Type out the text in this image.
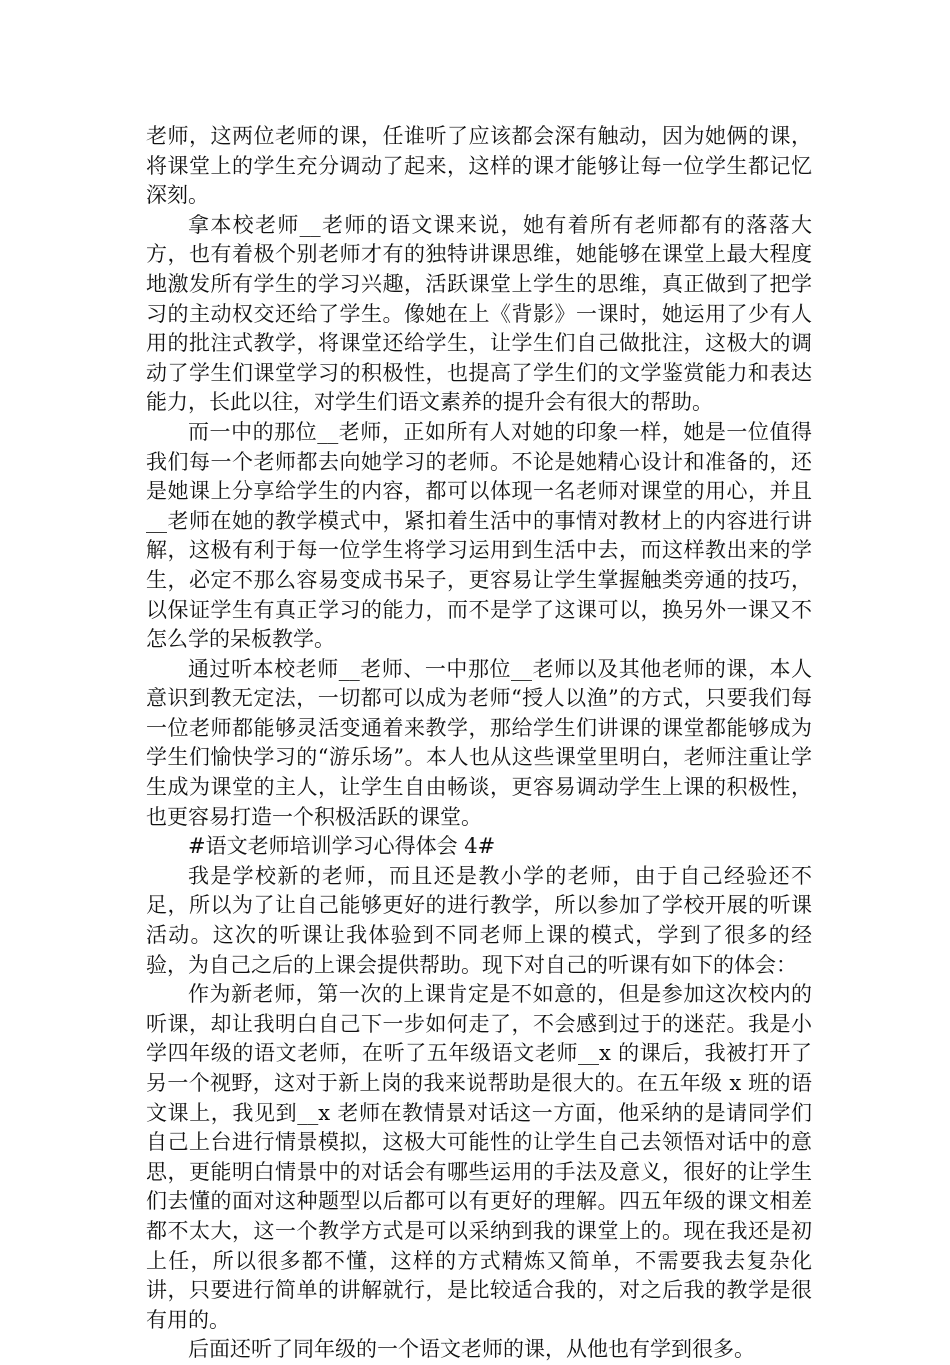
老师，这两位老师的课，任谁听了应该都会深有触动，因为她俩的课，将课堂上的学生充分调动了起来，这样的课才能够让每一位学生都记忆深刻。

拿本校老师__老师的语文课来说，她有着所有老师都有的落落大方，也有着极个别老师才有的独特讲课思维，她能够在课堂上最大程度地激发所有学生的学习兴趣，活跃课堂上学生的思维，真正做到了把学习的主动权交还给了学生。像她在上《背影》一课时，她运用了少有人用的批注式教学，将课堂还给学生，让学生们自己做批注，这极大的调动了学生们课堂学习的积极性，也提高了学生们的文学鉴赏能力和表达能力，长此以往，对学生们语文素养的提升会有很大的帮助。

而一中的那位__老师，正如所有人对她的印象一样，她是一位值得我们每一个老师都去向她学习的老师。不论是她精心设计和准备的，还是她课上分享给学生的内容，都可以体现一名老师对课堂的用心，并且__老师在她的教学模式中，紧扣着生活中的事情对教材上的内容进行讲解，这极有利于每一位学生将学习运用到生活中去，而这样教出来的学生，必定不那么容易变成书呆子，更容易让学生掌握触类旁通的技巧，以保证学生有真正学习的能力，而不是学了这课可以，换另外一课又不怎么学的呆板教学。

通过听本校老师__老师、一中那位__老师以及其他老师的课，本人意识到教无定法，一切都可以成为老师“授人以渔”的方式，只要我们每一位老师都能够灵活变通着来教学，那给学生们讲课的课堂都能够成为学生们愉快学习的“游乐场”。本人也从这些课堂里明白，老师注重让学生成为课堂的主人，让学生自由畅谈，更容易调动学生上课的积极性，也更容易打造一个积极活跃的课堂。

#语文老师培训学习心得体会 4#

我是学校新的老师，而且还是教小学的老师，由于自己经验还不足，所以为了让自己能够更好的进行教学，所以参加了学校开展的听课活动。这次的听课让我体验到不同老师上课的模式，学到了很多的经验，为自己之后的上课会提供帮助。现下对自己的听课有如下的体会：

作为新老师，第一次的上课肯定是不如意的，但是参加这次校内的听课，却让我明白自己下一步如何走了，不会感到过于的迷茫。我是小学四年级的语文老师，在听了五年级语文老师__x 的课后，我被打开了另一个视野，这对于新上岗的我来说帮助是很大的。在五年级 x 班的语文课上，我见到__x 老师在教情景对话这一方面，他采纳的是请同学们自己上台进行情景模拟，这极大可能性的让学生自己去领悟对话中的意思，更能明白情景中的对话会有哪些运用的手法及意义，很好的让学生们去懂的面对这种题型以后都可以有更好的理解。四五年级的课文相差都不太大，这一个教学方式是可以采纳到我的课堂上的。现在我还是初上任，所以很多都不懂，这样的方式精炼又简单，不需要我去复杂化讲，只要进行简单的讲解就行，是比较适合我的，对之后我的教学是很有用的。

后面还听了同年级的一个语文老师的课，从他也有学到很多。
